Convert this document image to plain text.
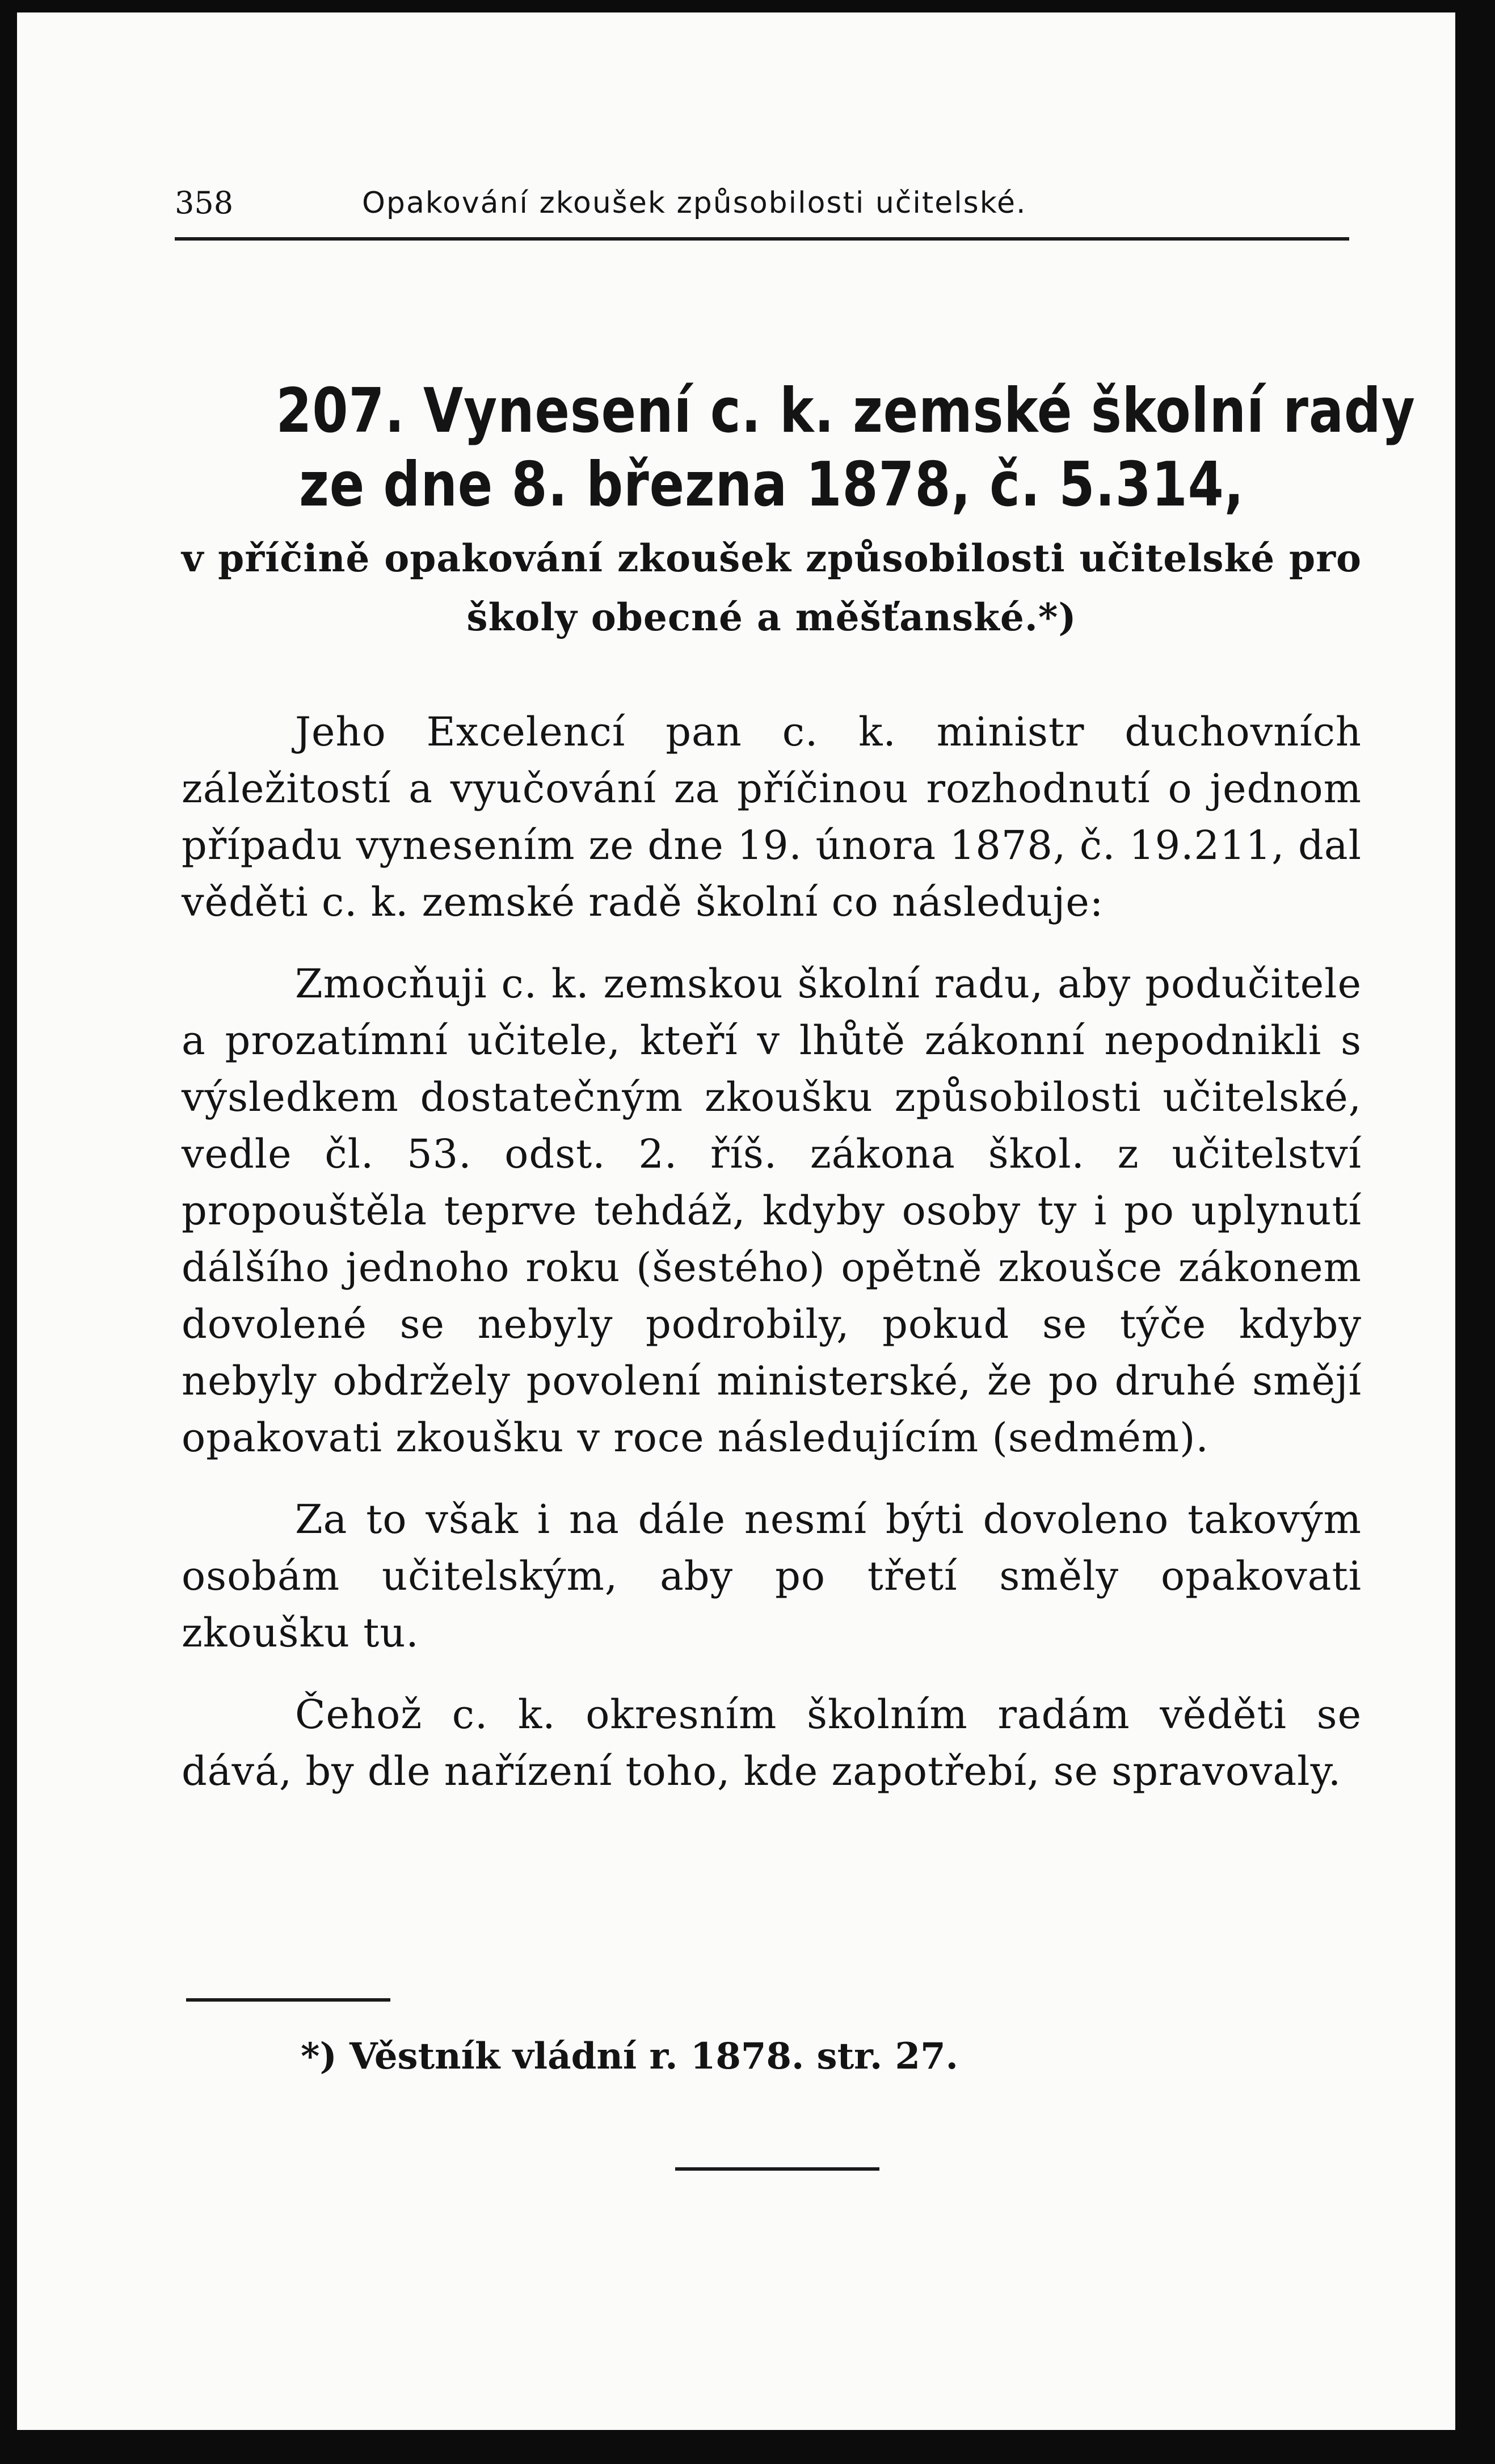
358	Opakování zkoušek způsobilosti učitelské.
207. Vynesení c. k. zemské školní rady
ze dne 8. března 1878, č. 5.314,
v příčině opakování zkoušek způsobilosti učitelské pro školy obecné a měšťanské.*)

Jeho Excelencí pan c. k. ministr duchovních záležitostí a vyučování za příčinou rozhodnutí o jednom případu vynesením ze dne 19. února 1878, č. 19.211, dal věděti c. k. zemské radě školní co následuje:

Zmocňuji c. k. zemskou školní radu, aby podučitele a prozatímní učitele, kteří v lhůtě zákonní nepodnikli s výsledkem dostatečným zkoušku způsobilosti učitelské, vedle čl. 53. odst. 2. říš. zákona škol. z učitelství propouštěla teprve tehdáž, kdyby osoby ty i po uplynutí dálšího jednoho roku (šestého) opětně zkoušce zákonem dovolené se nebyly podrobily, pokud se týče kdyby nebyly obdržely povolení ministerské, že po druhé smějí opakovati zkoušku v roce následujícím (sedmém).

Za to však i na dále nesmí býti dovoleno takovým osobám učitelským, aby po třetí směly opakovati zkoušku tu.

Čehož c. k. okresním školním radám věděti se dává, by dle nařízení toho, kde zapotřebí, se spravovaly.

*) Věstník vládní r. 1878. str. 27.
